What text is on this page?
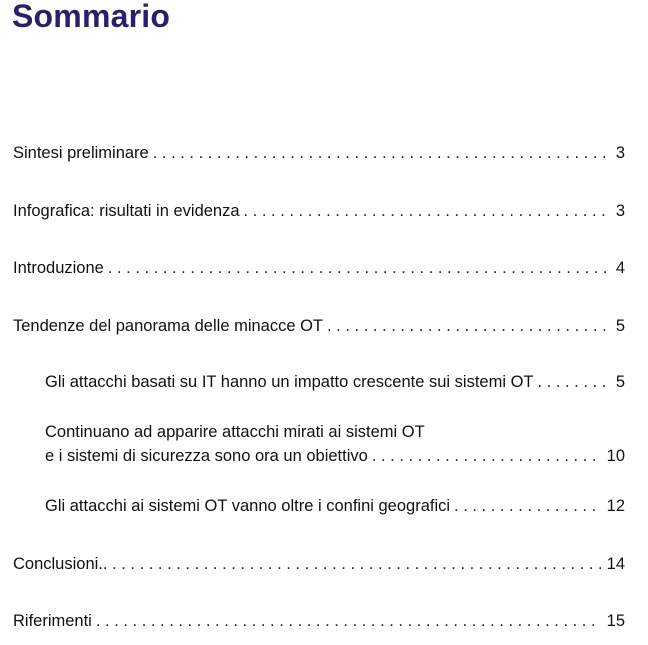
Sommario
Sintesi preliminare . . .	3
Infografica: risultati in evidenza . . .	3
Introduzione . . .	4
Tendenze del panorama delle minacce OT . . .	5
Gli attacchi basati su IT hanno un impatto crescente sui sistemi OT . . .	5
Continuano ad apparire attacchi mirati ai sistemi OT
e i sistemi di sicurezza sono ora un obiettivo . . .	10
Gli attacchi ai sistemi OT vanno oltre i confini geografici . . .	12
Conclusioni. . . .	14
Riferimenti . . .	15
